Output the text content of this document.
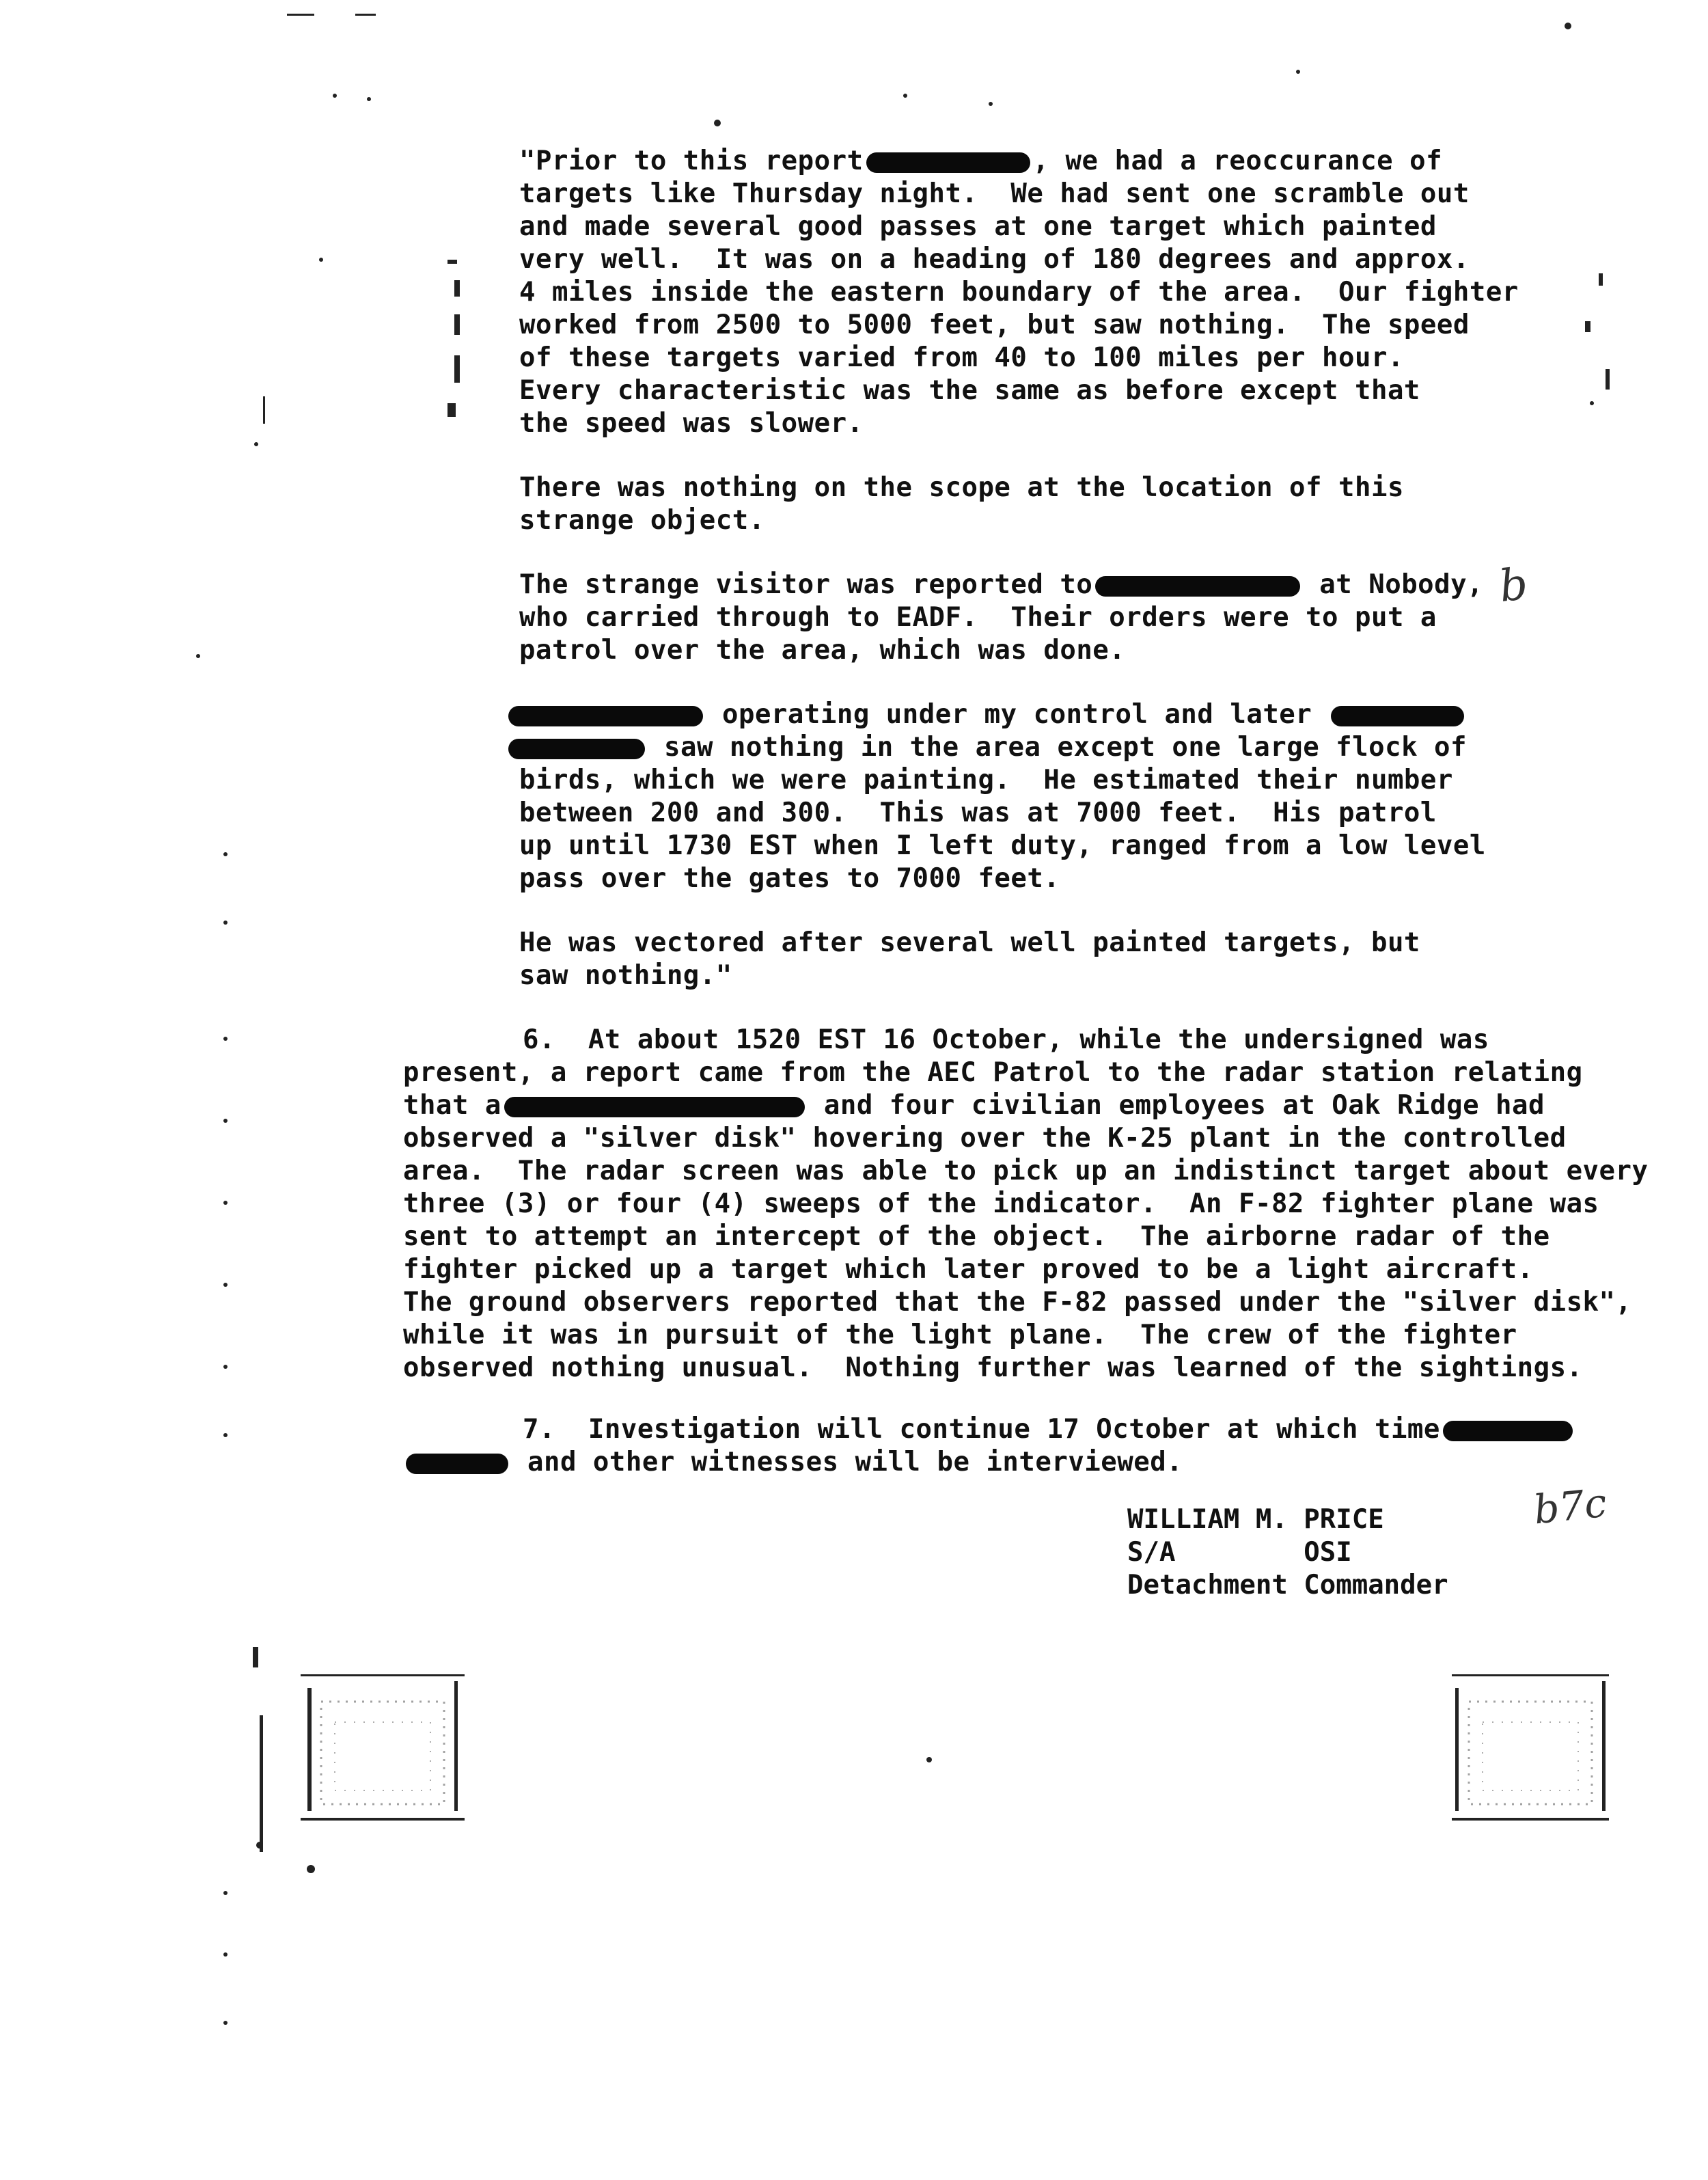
"Prior to this report	, we had a reoccurance of
targets like Thursday night.  We had sent one scramble out
and made several good passes at one target which painted
very well.  It was on a heading of 180 degrees and approx.
4 miles inside the eastern boundary of the area.  Our fighter
worked from 2500 to 5000 feet, but saw nothing.  The speed
of these targets varied from 40 to 100 miles per hour.
Every characteristic was the same as before except that
the speed was slower.
There was nothing on the scope at the location of this
strange object.
The strange visitor was reported to	at Nobody,
who carried through to EADF.  Their orders were to put a
patrol over the area, which was done.
operating under my control and later
saw nothing in the area except one large flock of
birds, which we were painting.  He estimated their number
between 200 and 300.  This was at 7000 feet.  His patrol
up until 1730 EST when I left duty, ranged from a low level
pass over the gates to 7000 feet.
He was vectored after several well painted targets, but
saw nothing."
6.  At about 1520 EST 16 October, while the undersigned was
present, a report came from the AEC Patrol to the radar station relating
that a	and four civilian employees at Oak Ridge had
observed a "silver disk" hovering over the K-25 plant in the controlled
area.  The radar screen was able to pick up an indistinct target about every
three (3) or four (4) sweeps of the indicator.  An F-82 fighter plane was
sent to attempt an intercept of the object.  The airborne radar of the
fighter picked up a target which later proved to be a light aircraft.
The ground observers reported that the F-82 passed under the "silver disk",
while it was in pursuit of the light plane.  The crew of the fighter
observed nothing unusual.  Nothing further was learned of the sightings.
7.  Investigation will continue 17 October at which time
and other witnesses will be interviewed.
WILLIAM M. PRICE
S/A	OSI
Detachment Commander
b
b7c
